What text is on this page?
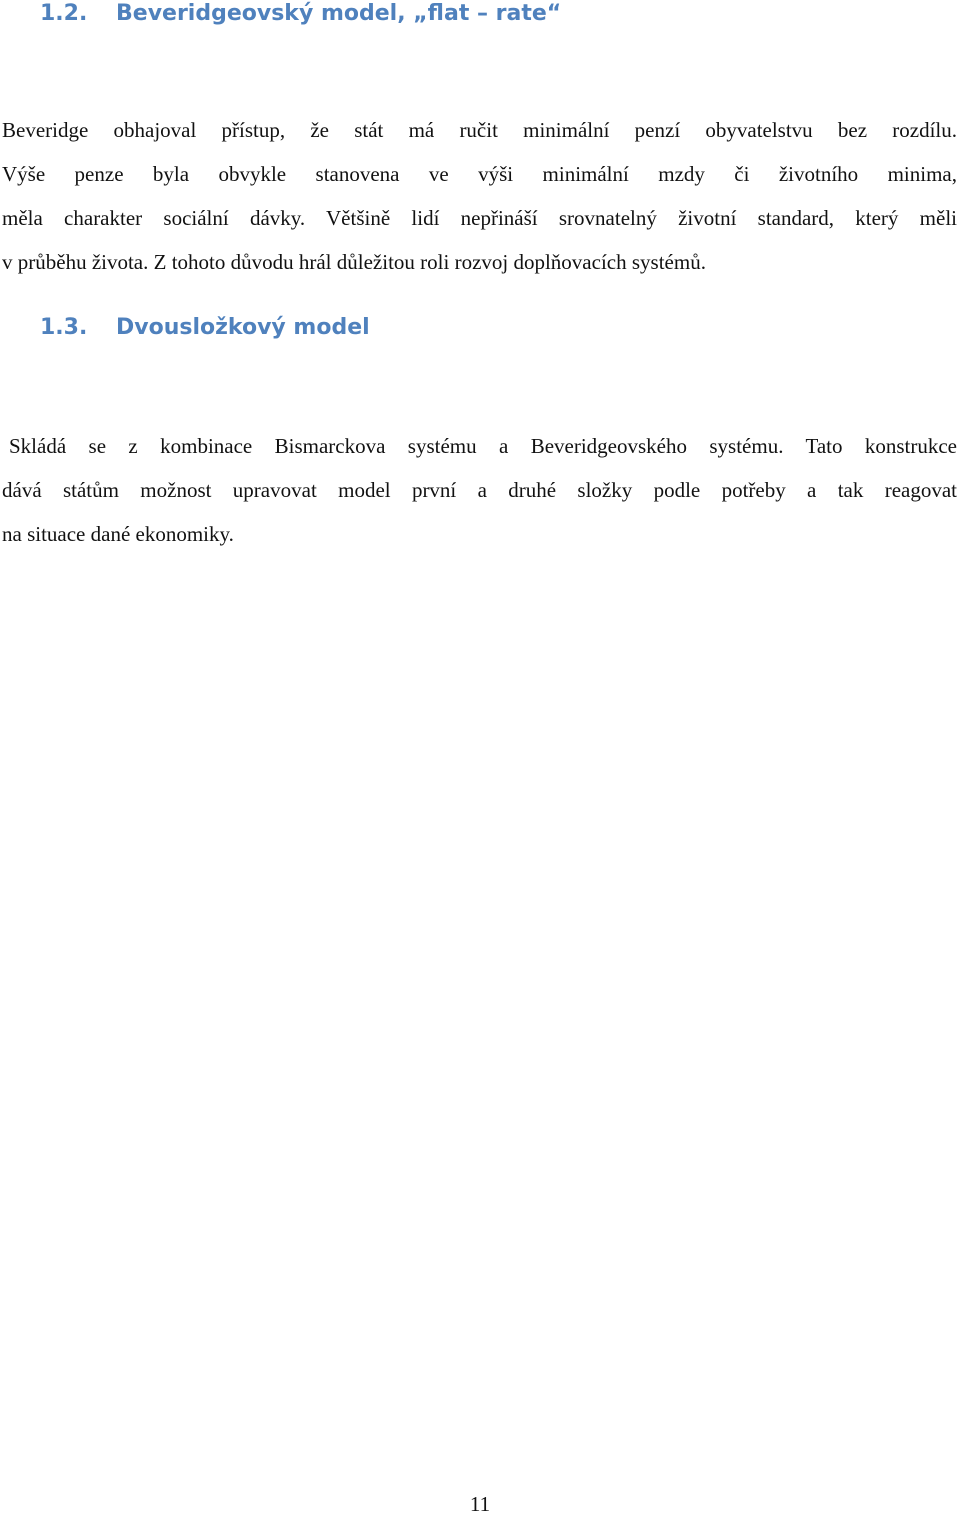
1.2. Beveridgeovský model, „flat – rate“
Beveridge obhajoval přístup, že stát má ručit minimální penzí obyvatelstvu bez rozdílu.
Výše penze byla obvykle stanovena ve výši minimální mzdy či životního minima,
měla charakter sociální dávky. Většině lidí nepřináší srovnatelný životní standard, který měli
v průběhu života. Z tohoto důvodu hrál důležitou roli rozvoj doplňovacích systémů.
1.3. Dvousložkový model
Skládá se z kombinace Bismarckova systému a Beveridgeovského systému. Tato konstrukce
dává státům možnost upravovat model první a druhé složky podle potřeby a tak reagovat
na situace dané ekonomiky.

11
